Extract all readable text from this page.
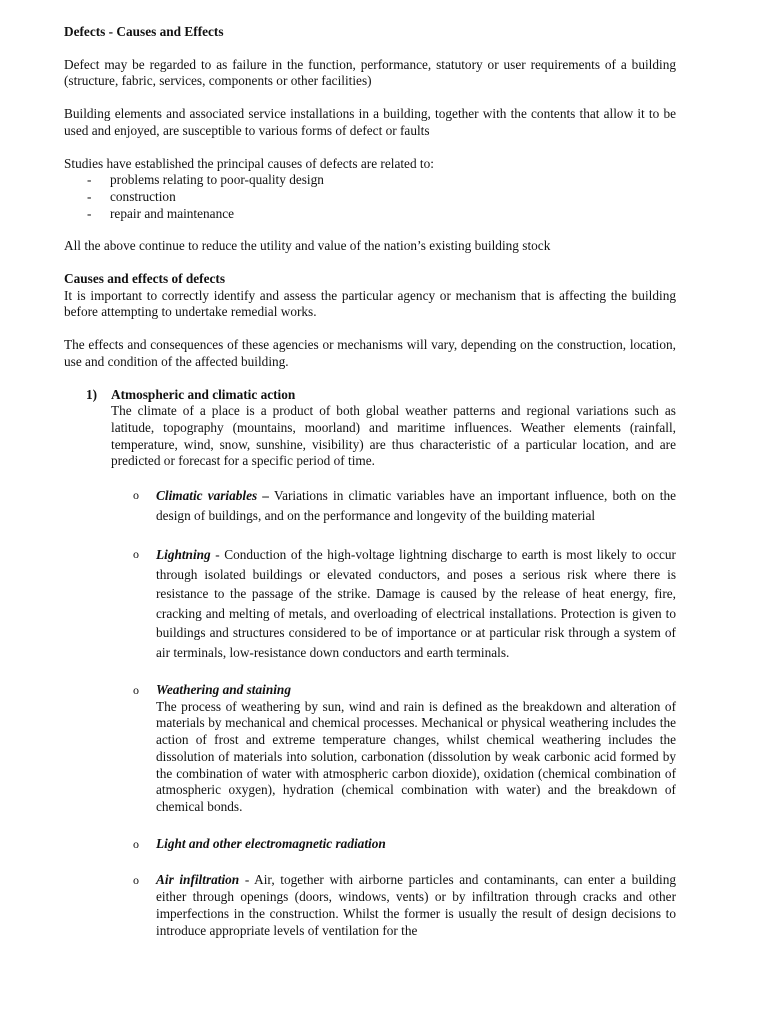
Defects - Causes and Effects

Defect may be regarded to as failure in the function, performance, statutory or user requirements of a building (structure, fabric, services, components or other facilities)

Building elements and associated service installations in a building, together with the contents that allow it to be used and enjoyed, are susceptible to various forms of defect or faults

Studies have established the principal causes of defects are related to:

- problems relating to poor-quality design
- construction
- repair and maintenance

All the above continue to reduce the utility and value of the nation’s existing building stock

Causes and effects of defects

It is important to correctly identify and assess the particular agency or mechanism that is affecting the building before attempting to undertake remedial works.

The effects and consequences of these agencies or mechanisms will vary, depending on the construction, location, use and condition of the affected building.

1) Atmospheric and climatic action

The climate of a place is a product of both global weather patterns and regional variations such as latitude, topography (mountains, moorland) and maritime influences. Weather elements (rainfall, temperature, wind, snow, sunshine, visibility) are thus characteristic of a particular location, and are predicted or forecast for a specific period of time.

o Climatic variables – Variations in climatic variables have an important influence, both on the design of buildings, and on the performance and longevity of the building material
o Lightning - Conduction of the high-voltage lightning discharge to earth is most likely to occur through isolated buildings or elevated conductors, and poses a serious risk where there is resistance to the passage of the strike. Damage is caused by the release of heat energy, fire, cracking and melting of metals, and overloading of electrical installations. Protection is given to buildings and structures considered to be of importance or at particular risk through a system of air terminals, low-resistance down conductors and earth terminals.
o Weathering and staining
The process of weathering by sun, wind and rain is defined as the breakdown and alteration of materials by mechanical and chemical processes. Mechanical or physical weathering includes the action of frost and extreme temperature changes, whilst chemical weathering includes the dissolution of materials into solution, carbonation (dissolution by weak carbonic acid formed by the combination of water with atmospheric carbon dioxide), oxidation (chemical combination of atmospheric oxygen), hydration (chemical combination with water) and the breakdown of chemical bonds.
o Light and other electromagnetic radiation
o Air infiltration - Air, together with airborne particles and contaminants, can enter a building either through openings (doors, windows, vents) or by infiltration through cracks and other imperfections in the construction. Whilst the former is usually the result of design decisions to introduce appropriate levels of ventilation for the
